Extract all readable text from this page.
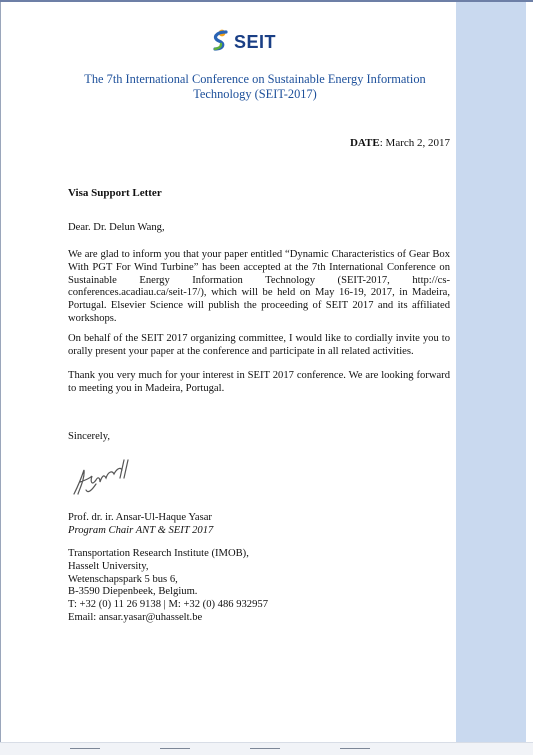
SEIT
The 7th International Conference on Sustainable Energy Information Technology (SEIT-2017)
DATE: March 2, 2017
Visa Support Letter

Dear. Dr. Delun Wang,

We are glad to inform you that your paper entitled “Dynamic Characteristics of Gear Box With PGT For Wind Turbine” has been accepted at the 7th International Conference on Sustainable Energy Information Technology (SEIT-2017, http://cs-conferences.acadiau.ca/seit-17/), which will be held on May 16-19, 2017, in Madeira, Portugal. Elsevier Science will publish the proceeding of SEIT 2017 and its affiliated workshops.

On behalf of the SEIT 2017 organizing committee, I would like to cordially invite you to orally present your paper at the conference and participate in all related activities.

Thank you very much for your interest in SEIT 2017 conference. We are looking forward to meeting you in Madeira, Portugal.

Sincerely,
Prof. dr. ir. Ansar-Ul-Haque Yasar
Program Chair ANT & SEIT 2017
Transportation Research Institute (IMOB),
Hasselt University,
Wetenschapspark 5 bus 6,
B-3590 Diepenbeek, Belgium.
T: +32 (0) 11 26 9138 | M: +32 (0) 486 932957
Email: ansar.yasar@uhasselt.be
